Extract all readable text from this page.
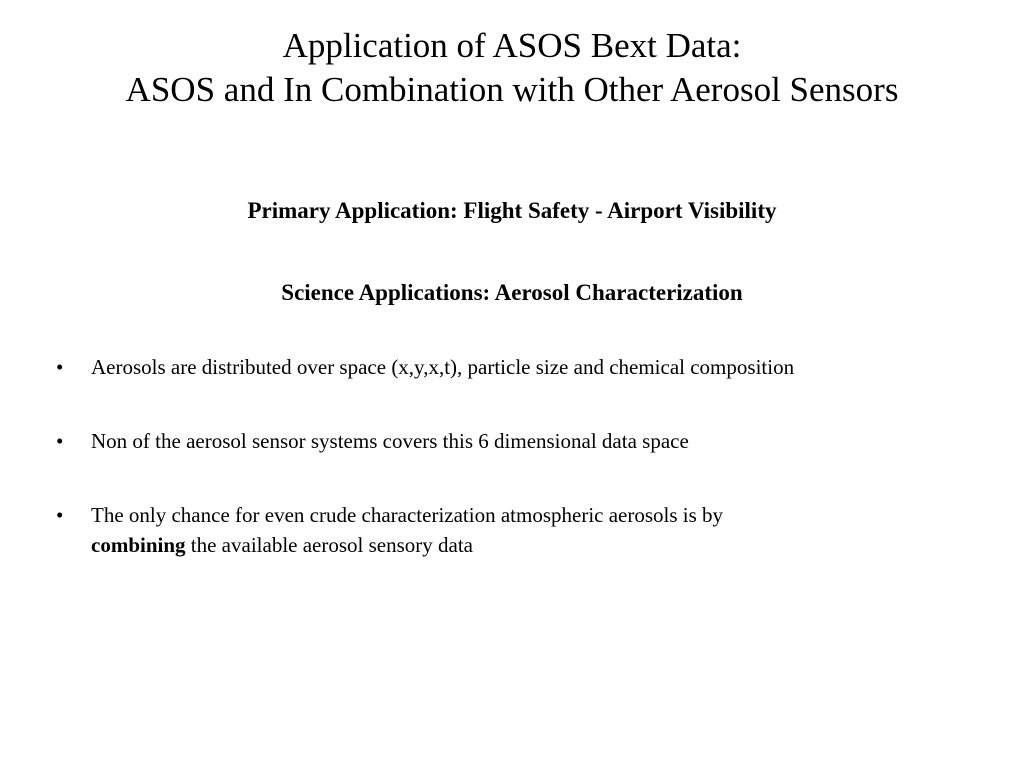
Application of ASOS Bext Data:
ASOS and In Combination with Other Aerosol Sensors

Primary Application: Flight Safety - Airport Visibility

Science Applications: Aerosol Characterization

• Aerosols are distributed over space (x,y,x,t), particle size and chemical composition
• Non of the aerosol sensor systems covers this 6 dimensional data space
• The only chance for even crude characterization atmospheric aerosols is by
combining the available aerosol sensory data
